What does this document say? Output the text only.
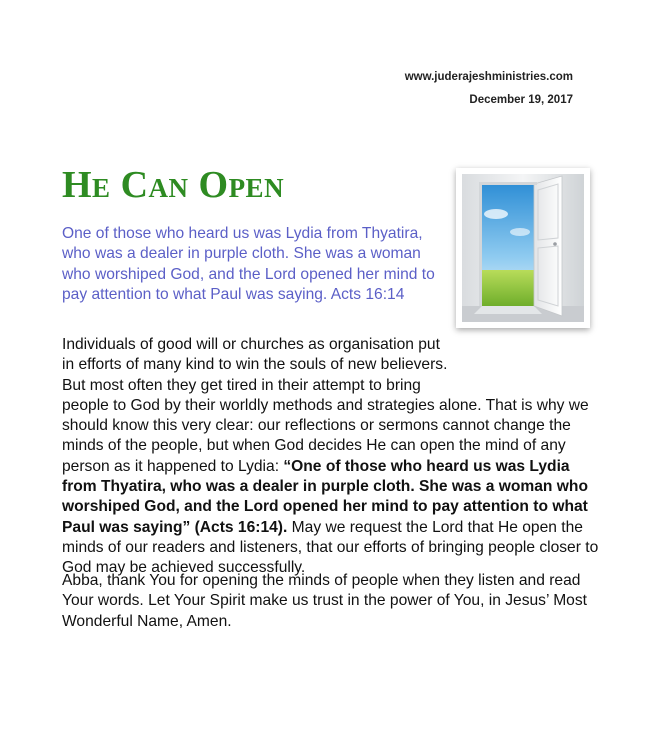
www.juderajeshministries.com
December 19, 2017
He Can Open

One of those who heard us was Lydia from Thyatira, who was a dealer in purple cloth. She was a woman who worshiped God, and the Lord opened her mind to pay attention to what Paul was saying. Acts 16:14

Individuals of good will or churches as organisation put in efforts of many kind to win the souls of new believers. But most often they get tired in their attempt to bring people to God by their worldly methods and strategies alone. That is why we should know this very clear: our reflections or sermons cannot change the minds of the people, but when God decides He can open the mind of any person as it happened to Lydia: “One of those who heard us was Lydia from Thyatira, who was a dealer in purple cloth. She was a woman who worshiped God, and the Lord opened her mind to pay attention to what Paul was saying” (Acts 16:14). May we request the Lord that He open the minds of our readers and listeners, that our efforts of bringing people closer to God may be achieved successfully.

Abba, thank You for opening the minds of people when they listen and read Your words. Let Your Spirit make us trust in the power of You, in Jesus’ Most Wonderful Name, Amen.
